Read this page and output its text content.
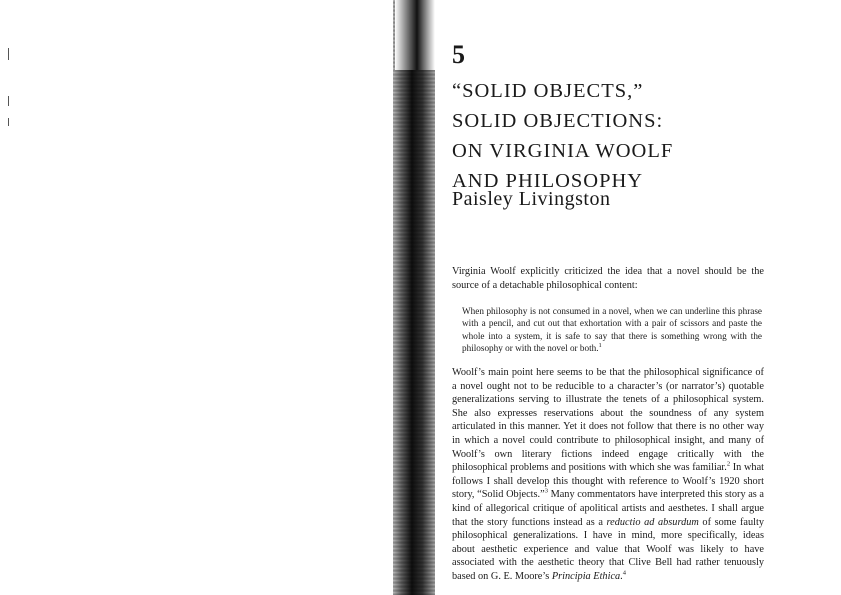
5
“SOLID OBJECTS,”
SOLID OBJECTIONS:
ON VIRGINIA WOOLF
AND PHILOSOPHY
Paisley Livingston

Virginia Woolf explicitly criticized the idea that a novel should be the source of a detachable philosophical content:

When philosophy is not consumed in a novel, when we can underline this phrase with a pencil, and cut out that exhortation with a pair of scissors and paste the whole into a system, it is safe to say that there is something wrong with the philosophy or with the novel or both.$^1$

Woolf’s main point here seems to be that the philosophical significance of a novel ought not to be reducible to a character’s (or narrator’s) quotable generalizations serving to illustrate the tenets of a philosophical system. She also expresses reservations about the soundness of any system articulated in this manner. Yet it does not follow that there is no other way in which a novel could contribute to philosophical insight, and many of Woolf’s own literary fictions indeed engage critically with the philosophical problems and positions with which she was familiar.$^2$ In what follows I shall develop this thought with reference to Woolf’s 1920 short story, “Solid Objects.”$^3$ Many commentators have interpreted this story as a kind of allegorical critique of apolitical artists and aesthetes. I shall argue that the story functions instead as a reductio ad absurdum of some faulty philosophical generalizations. I have in mind, more specifically, ideas about aesthetic experience and value that Woolf was likely to have associated with the aesthetic theory that Clive Bell had rather tenuously based on G. E. Moore’s Principia Ethica.$^4$
